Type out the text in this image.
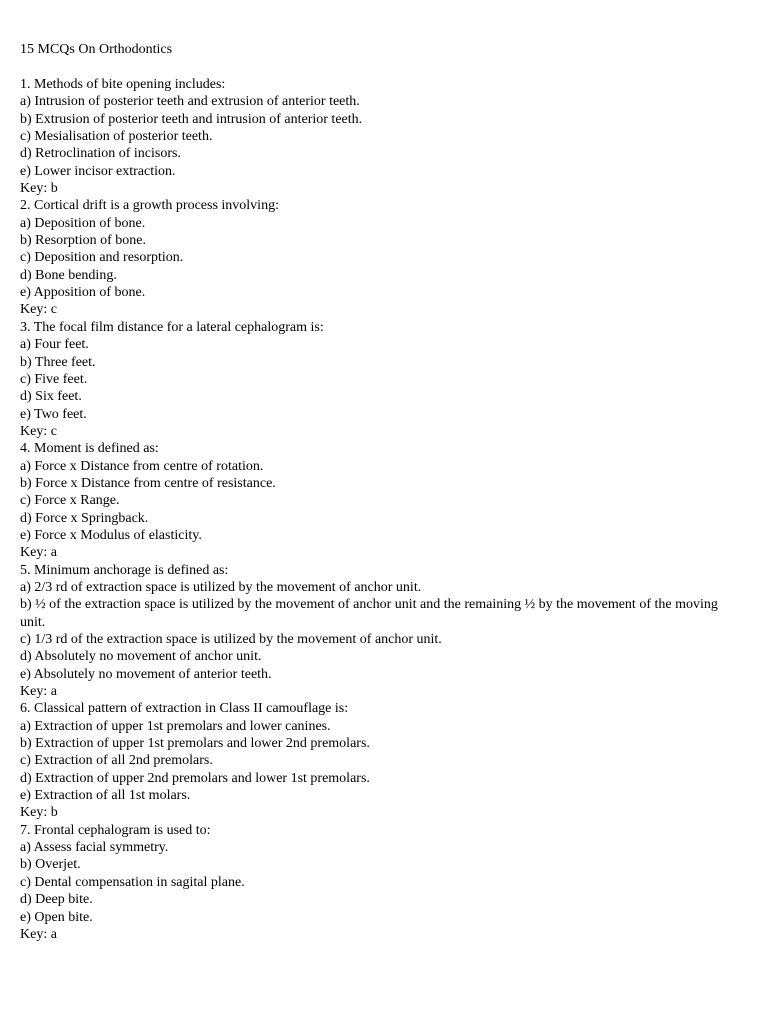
15 MCQs On Orthodontics
1. Methods of bite opening includes:
a) Intrusion of posterior teeth and extrusion of anterior teeth.
b) Extrusion of posterior teeth and intrusion of anterior teeth.
c) Mesialisation of posterior teeth.
d) Retroclination of incisors.
e) Lower incisor extraction.
Key: b
2. Cortical drift is a growth process involving:
a) Deposition of bone.
b) Resorption of bone.
c) Deposition and resorption.
d) Bone bending.
e) Apposition of bone.
Key: c
3. The focal film distance for a lateral cephalogram is:
a) Four feet.
b) Three feet.
c) Five feet.
d) Six feet.
e) Two feet.
Key: c
4. Moment is defined as:
a) Force x Distance from centre of rotation.
b) Force x Distance from centre of resistance.
c) Force x Range.
d) Force x Springback.
e) Force x Modulus of elasticity.
Key: a
5. Minimum anchorage is defined as:
a) 2/3 rd of extraction space is utilized by the movement of anchor unit.
b) ½ of the extraction space is utilized by the movement of anchor unit and the remaining ½ by the movement of the moving unit.
c) 1/3 rd of the extraction space is utilized by the movement of anchor unit.
d) Absolutely no movement of anchor unit.
e) Absolutely no movement of anterior teeth.
Key: a
6. Classical pattern of extraction in Class II camouflage is:
a) Extraction of upper 1st premolars and lower canines.
b) Extraction of upper 1st premolars and lower 2nd premolars.
c) Extraction of all 2nd premolars.
d) Extraction of upper 2nd premolars and lower 1st premolars.
e) Extraction of all 1st molars.
Key: b
7. Frontal cephalogram is used to:
a) Assess facial symmetry.
b) Overjet.
c) Dental compensation in sagital plane.
d) Deep bite.
e) Open bite.
Key: a
